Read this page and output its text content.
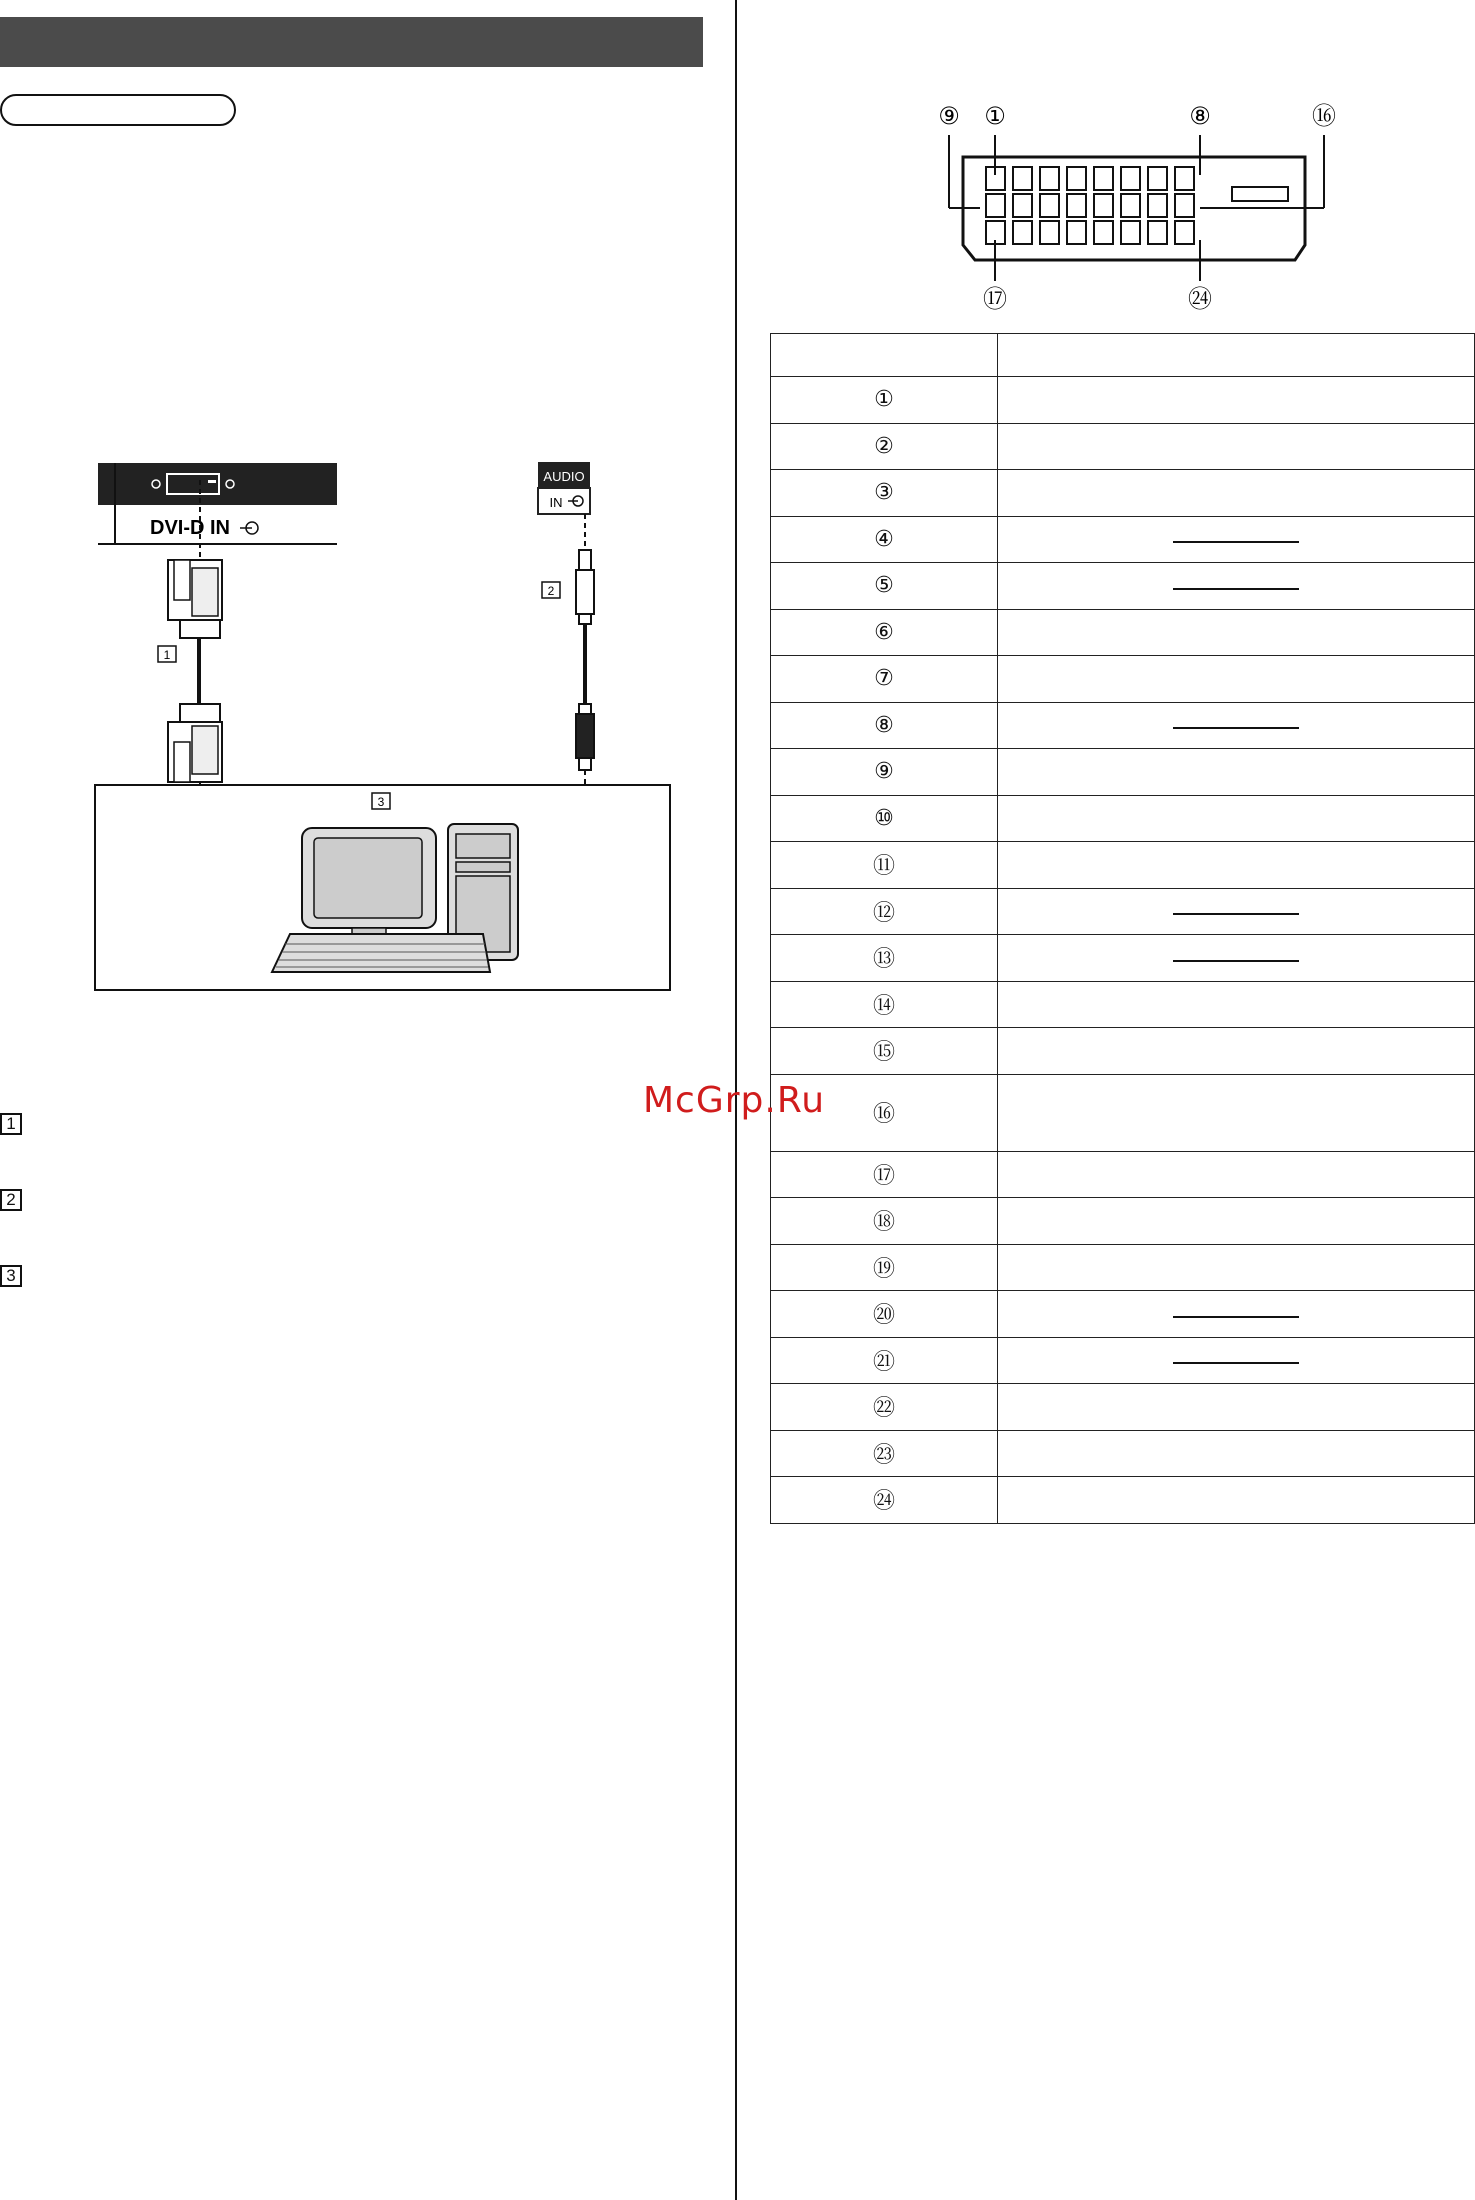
DVI-D IN
1
AUDIO
IN
2
3
1
2
3
⑨ ①	⑧	⑯
⑰	㉔

①	
②	
③	
④	
⑤	
⑥	
⑦	
⑧	
⑨	
⑩	
⑪	
⑫	
⑬	
⑭	
⑮	
⑯	
⑰	
⑱	
⑲	
⑳	
㉑	
㉒	
㉓	
㉔	
McGrp.Ru
